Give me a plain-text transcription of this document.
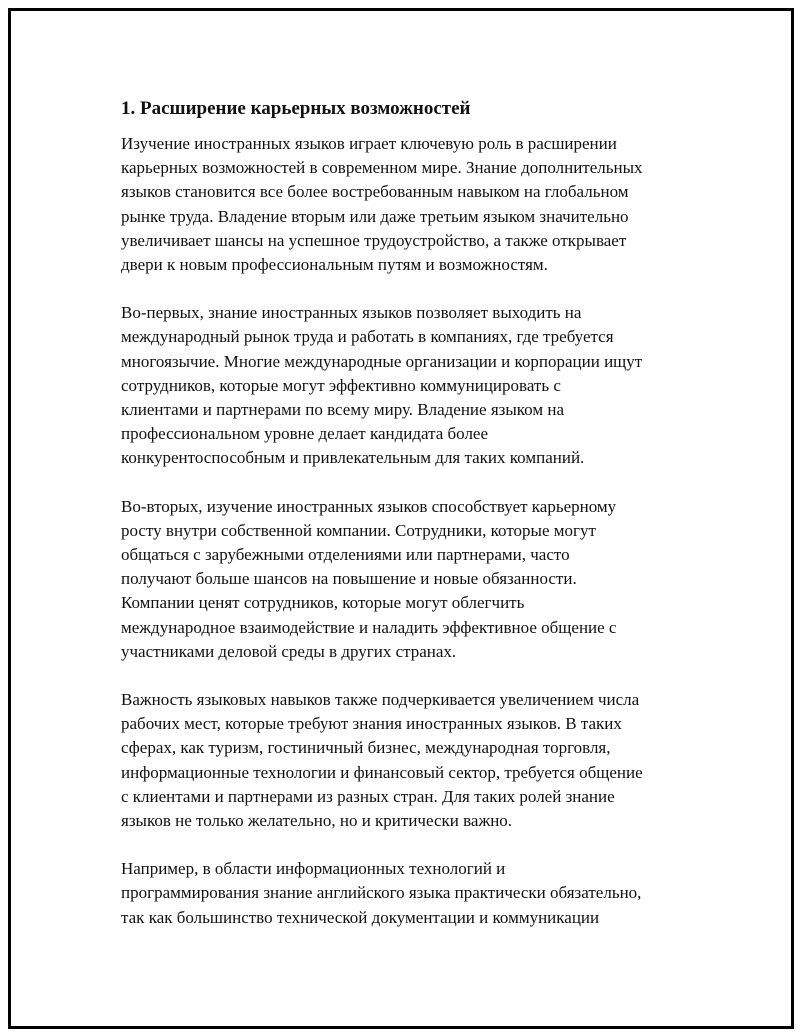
1. Расширение карьерных возможностей

Изучение иностранных языков играет ключевую роль в расширении
карьерных возможностей в современном мире. Знание дополнительных
языков становится все более востребованным навыком на глобальном
рынке труда. Владение вторым или даже третьим языком значительно
увеличивает шансы на успешное трудоустройство, а также открывает
двери к новым профессиональным путям и возможностям.

Во-первых, знание иностранных языков позволяет выходить на
международный рынок труда и работать в компаниях, где требуется
многоязычие. Многие международные организации и корпорации ищут
сотрудников, которые могут эффективно коммуницировать с
клиентами и партнерами по всему миру. Владение языком на
профессиональном уровне делает кандидата более
конкурентоспособным и привлекательным для таких компаний.

Во-вторых, изучение иностранных языков способствует карьерному
росту внутри собственной компании. Сотрудники, которые могут
общаться с зарубежными отделениями или партнерами, часто
получают больше шансов на повышение и новые обязанности.
Компании ценят сотрудников, которые могут облегчить
международное взаимодействие и наладить эффективное общение с
участниками деловой среды в других странах.

Важность языковых навыков также подчеркивается увеличением числа
рабочих мест, которые требуют знания иностранных языков. В таких
сферах, как туризм, гостиничный бизнес, международная торговля,
информационные технологии и финансовый сектор, требуется общение
с клиентами и партнерами из разных стран. Для таких ролей знание
языков не только желательно, но и критически важно.

Например, в области информационных технологий и
программирования знание английского языка практически обязательно,
так как большинство технической документации и коммуникации
